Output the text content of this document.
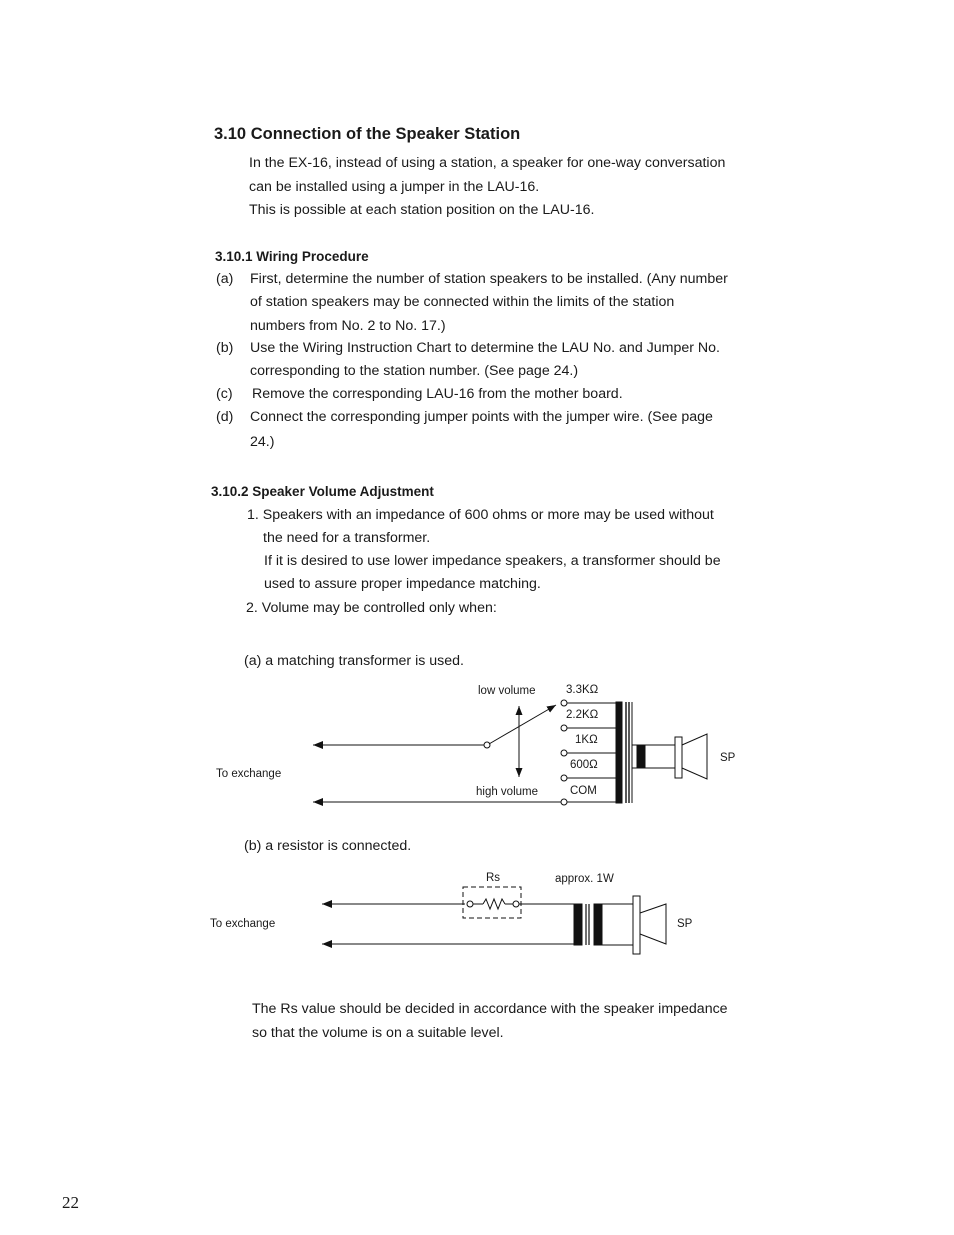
3.10 Connection of the Speaker Station
In the EX-16, instead of using a station, a speaker for one-way conversation
can be installed using a jumper in the LAU-16.
This is possible at each station position on the LAU-16.
3.10.1 Wiring Procedure
(a) First, determine the number of station speakers to be installed. (Any number
of station speakers may be connected within the limits of the station
numbers from No. 2 to No. 17.)
(b) Use the Wiring Instruction Chart to determine the LAU No. and Jumper No.
corresponding to the station number. (See page 24.)
(c) Remove the corresponding LAU-16 from the mother board.
(d) Connect the corresponding jumper points with the jumper wire. (See page
24.)
3.10.2 Speaker Volume Adjustment
1. Speakers with an impedance of 600 ohms or more may be used without
the need for a transformer.
If it is desired to use lower impedance speakers, a transformer should be
used to assure proper impedance matching.
2. Volume may be controlled only when:
(a) a matching transformer is used.
low volume
high volume
3.3KΩ
2.2KΩ
1KΩ
600Ω
COM
To exchange
SP
(b) a resistor is connected.
Rs	approx. 1W
To exchange	SP
The Rs value should be decided in accordance with the speaker impedance
so that the volume is on a suitable level.
22
